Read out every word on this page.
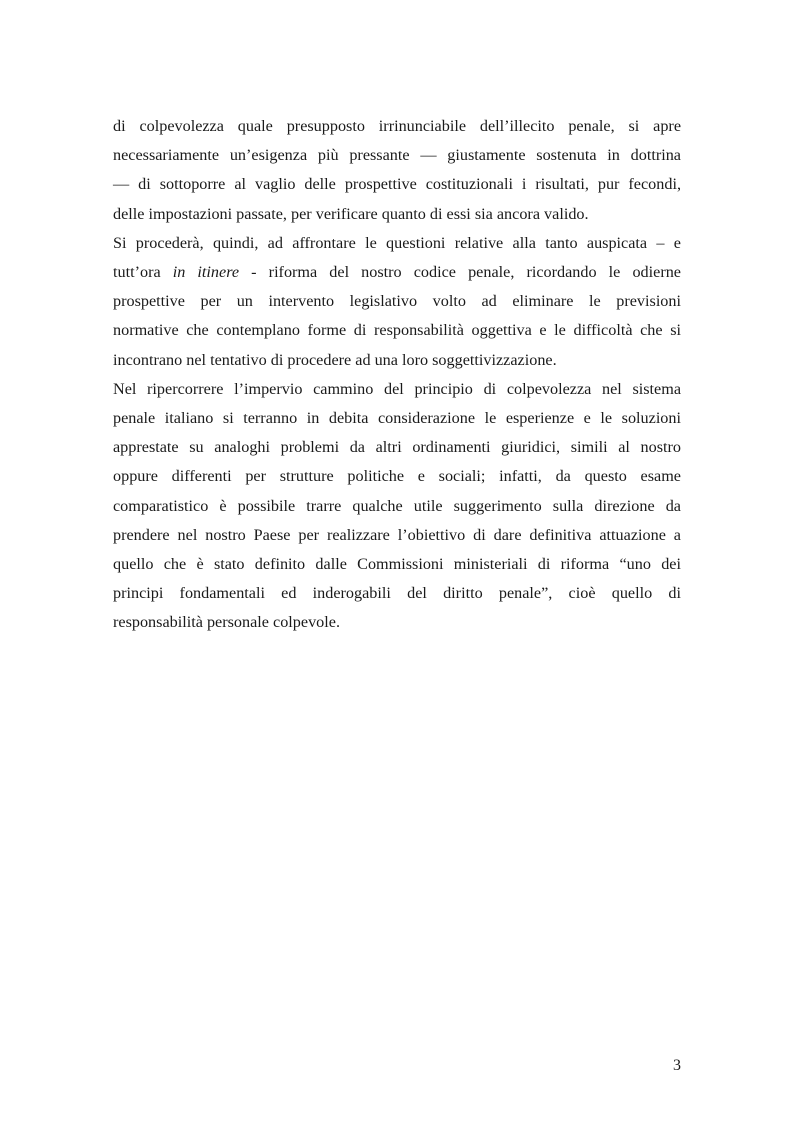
di colpevolezza quale presupposto irrinunciabile dell’illecito penale, si apre
necessariamente un’esigenza più pressante — giustamente sostenuta in dottrina
— di sottoporre al vaglio delle prospettive costituzionali i risultati, pur fecondi,
delle impostazioni passate, per verificare quanto di essi sia ancora valido.

Si procederà, quindi, ad affrontare le questioni relative alla tanto auspicata – e
tutt’ora in itinere - riforma del nostro codice penale, ricordando le odierne
prospettive per un intervento legislativo volto ad eliminare le previsioni
normative che contemplano forme di responsabilità oggettiva e le difficoltà che si
incontrano nel tentativo di procedere ad una loro soggettivizzazione.

Nel ripercorrere l’impervio cammino del principio di colpevolezza nel sistema
penale italiano si terranno in debita considerazione le esperienze e le soluzioni
apprestate su analoghi problemi da altri ordinamenti giuridici, simili al nostro
oppure differenti per strutture politiche e sociali; infatti, da questo esame
comparatistico è possibile trarre qualche utile suggerimento sulla direzione da
prendere nel nostro Paese per realizzare l’obiettivo di dare definitiva attuazione a
quello che è stato definito dalle Commissioni ministeriali di riforma “uno dei
principi fondamentali ed inderogabili del diritto penale”, cioè quello di
responsabilità personale colpevole.

3
